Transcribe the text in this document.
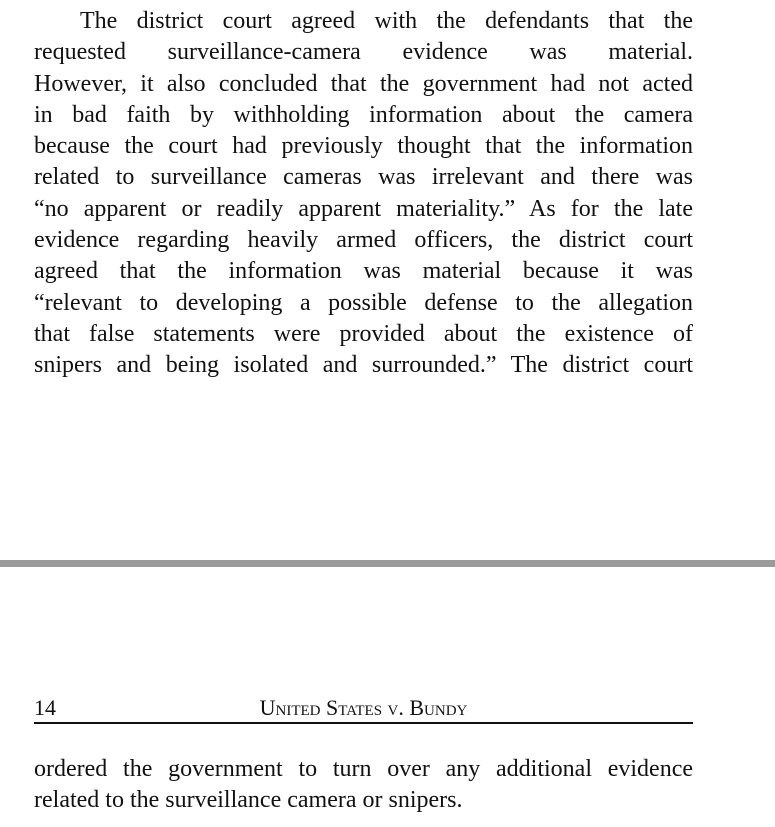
The district court agreed with the defendants that the
requested surveillance-camera evidence was material.
However, it also concluded that the government had not acted
in bad faith by withholding information about the camera
because the court had previously thought that the information
related to surveillance cameras was irrelevant and there was
“no apparent or readily apparent materiality.” As for the late
evidence regarding heavily armed officers, the district court
agreed that the information was material because it was
“relevant to developing a possible defense to the allegation
that false statements were provided about the existence of
snipers and being isolated and surrounded.” The district court

14	United States v. Bundy

ordered the government to turn over any additional evidence
related to the surveillance camera or snipers.
